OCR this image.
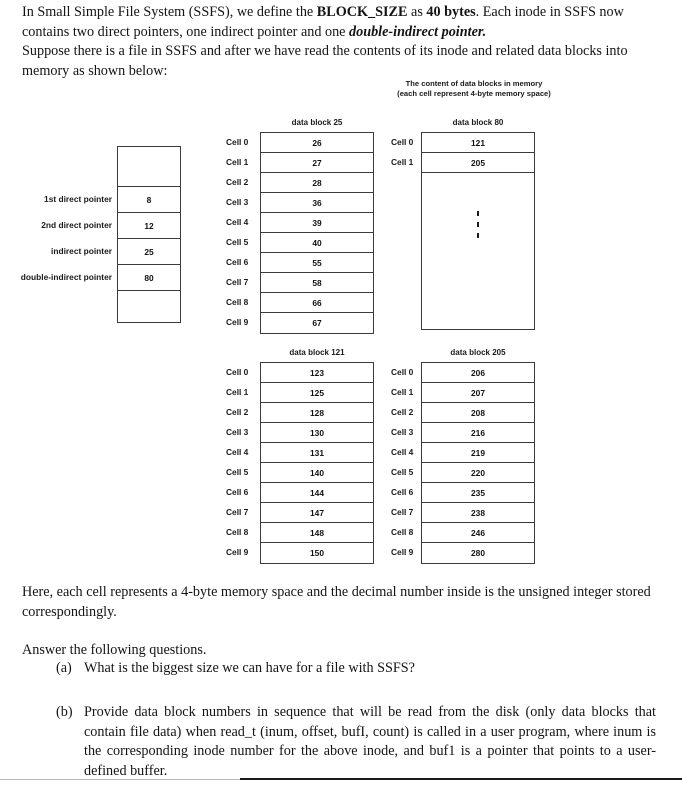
In Small Simple File System (SSFS), we define the BLOCK_SIZE as 40 bytes. Each inode in SSFS now contains two direct pointers, one indirect pointer and one double-indirect pointer.
Suppose there is a file in SSFS and after we have read the contents of its inode and related data blocks into memory as shown below:
The content of data blocks in memory
(each cell represent 4-byte memory space)
1st direct pointer
2nd direct pointer
indirect pointer
double-indirect pointer
8
12
25
80
data block 25
Cell 0
Cell 1
Cell 2
Cell 3
Cell 4
Cell 5
Cell 6
Cell 7
Cell 8
Cell 9
26
27
28
36
39
40
55
58
66
67
data block 80
Cell 0
Cell 1
121
205
data block 121
Cell 0
Cell 1
Cell 2
Cell 3
Cell 4
Cell 5
Cell 6
Cell 7
Cell 8
Cell 9
123
125
128
130
131
140
144
147
148
150
data block 205
Cell 0
Cell 1
Cell 2
Cell 3
Cell 4
Cell 5
Cell 6
Cell 7
Cell 8
Cell 9
206
207
208
216
219
220
235
238
246
280
Here, each cell represents a 4-byte memory space and the decimal number inside is the unsigned integer stored correspondingly.
Answer the following questions.
(a) What is the biggest size we can have for a file with SSFS?
(b) Provide data block numbers in sequence that will be read from the disk (only data blocks that contain file data) when read_t (inum, offset, bufI, count) is called in a user program, where inum is the corresponding inode number for the above inode, and buf1 is a pointer that points to a user-defined buffer.
